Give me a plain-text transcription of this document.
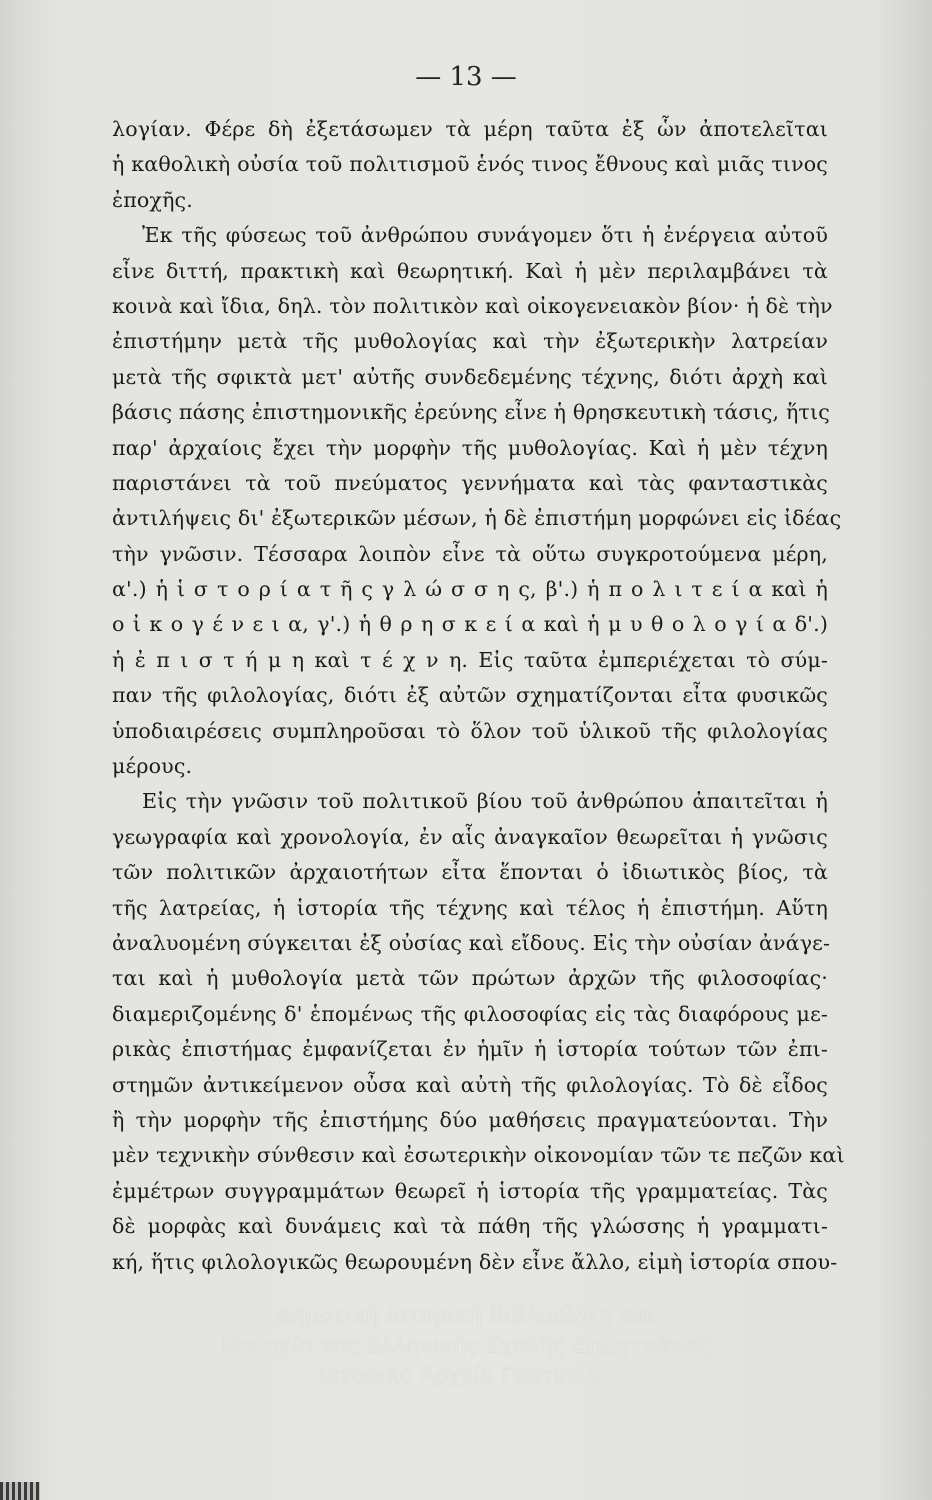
— 13 —
λογίαν. Φέρε δὴ ἐξετάσωμεν τὰ μέρη ταῦτα ἐξ ὧν ἀποτελεῖται
ἡ καθολικὴ οὐσία τοῦ πολιτισμοῦ ἑνός τινος ἔθνους καὶ μιᾶς τινος
ἐποχῆς.
Ἐκ τῆς φύσεως τοῦ ἀνθρώπου συνάγομεν ὅτι ἡ ἐνέργεια αὐτοῦ
εἶνε διττή, πρακτικὴ καὶ θεωρητική. Καὶ ἡ μὲν περιλαμβάνει τὰ
κοινὰ καὶ ἴδια, δηλ. τὸν πολιτικὸν καὶ οἰκογενειακὸν βίον· ἡ δὲ τὴν
ἐπιστήμην μετὰ τῆς μυθολογίας καὶ τὴν ἐξωτερικὴν λατρείαν
μετὰ τῆς σφικτὰ μετ' αὐτῆς συνδεδεμένης τέχνης, διότι ἀρχὴ καὶ
βάσις πάσης ἐπιστημονικῆς ἐρεύνης εἶνε ἡ θρησκευτικὴ τάσις, ἥτις
παρ' ἀρχαίοις ἔχει τὴν μορφὴν τῆς μυθολογίας. Καὶ ἡ μὲν τέχνη
παριστάνει τὰ τοῦ πνεύματος γεννήματα καὶ τὰς φανταστικὰς
ἀντιλήψεις δι' ἐξωτερικῶν μέσων, ἡ δὲ ἐπιστήμη μορφώνει εἰς ἰδέας
τὴν γνῶσιν. Τέσσαρα λοιπὸν εἶνε τὰ οὕτω συγκροτούμενα μέρη,
α'.) ἡ ἱ σ τ ο ρ ί α τ ῆ ς γ λ ώ σ σ η ς, β'.) ἡ π ο λ ι τ ε ί α καὶ ἡ
ο ἰ κ ο γ έ ν ε ι α, γ'.) ἡ θ ρ η σ κ ε ί α καὶ ἡ μ υ θ ο λ ο γ ί α δ'.)
ἡ ἐ π ι σ τ ή μ η καὶ τ έ χ ν η. Εἰς ταῦτα ἐμπεριέχεται τὸ σύμ-
παν τῆς φιλολογίας, διότι ἐξ αὐτῶν σχηματίζονται εἶτα φυσικῶς
ὑποδιαιρέσεις συμπληροῦσαι τὸ ὅλον τοῦ ὑλικοῦ τῆς φιλολογίας
μέρους.
Εἰς τὴν γνῶσιν τοῦ πολιτικοῦ βίου τοῦ ἀνθρώπου ἀπαιτεῖται ἡ
γεωγραφία καὶ χρονολογία, ἐν αἷς ἀναγκαῖον θεωρεῖται ἡ γνῶσις
τῶν πολιτικῶν ἀρχαιοτήτων εἶτα ἕπονται ὁ ἰδιωτικὸς βίος, τὰ
τῆς λατρείας, ἡ ἱστορία τῆς τέχνης καὶ τέλος ἡ ἐπιστήμη. Αὕτη
ἀναλυομένη σύγκειται ἐξ οὐσίας καὶ εἴδους. Εἰς τὴν οὐσίαν ἀνάγε-
ται καὶ ἡ μυθολογία μετὰ τῶν πρώτων ἀρχῶν τῆς φιλοσοφίας·
διαμεριζομένης δ' ἑπομένως τῆς φιλοσοφίας εἰς τὰς διαφόρους με-
ρικὰς ἐπιστήμας ἐμφανίζεται ἐν ἡμῖν ἡ ἱστορία τούτων τῶν ἐπι-
στημῶν ἀντικείμενον οὖσα καὶ αὐτὴ τῆς φιλολογίας. Τὸ δὲ εἶδος
ἢ τὴν μορφὴν τῆς ἐπιστήμης δύο μαθήσεις πραγματεύονται. Τὴν
μὲν τεχνικὴν σύνθεσιν καὶ ἐσωτερικὴν οἰκονομίαν τῶν τε πεζῶν καὶ
ἐμμέτρων συγγραμμάτων θεωρεῖ ἡ ἱστορία τῆς γραμματείας. Τὰς
δὲ μορφὰς καὶ δυνάμεις καὶ τὰ πάθη τῆς γλώσσης ἡ γραμματι-
κή, ἥτις φιλολογικῶς θεωρουμένη δὲν εἶνε ἄλλο, εἰμὴ ἱστορία σπου-
Δημοτική Ιστορική Βιβλιοθήκη και
Μουσείο της Ελληνικής Σχολής Δημητσάνας
Ιστορικό Αρχείο Γορτυνίας
